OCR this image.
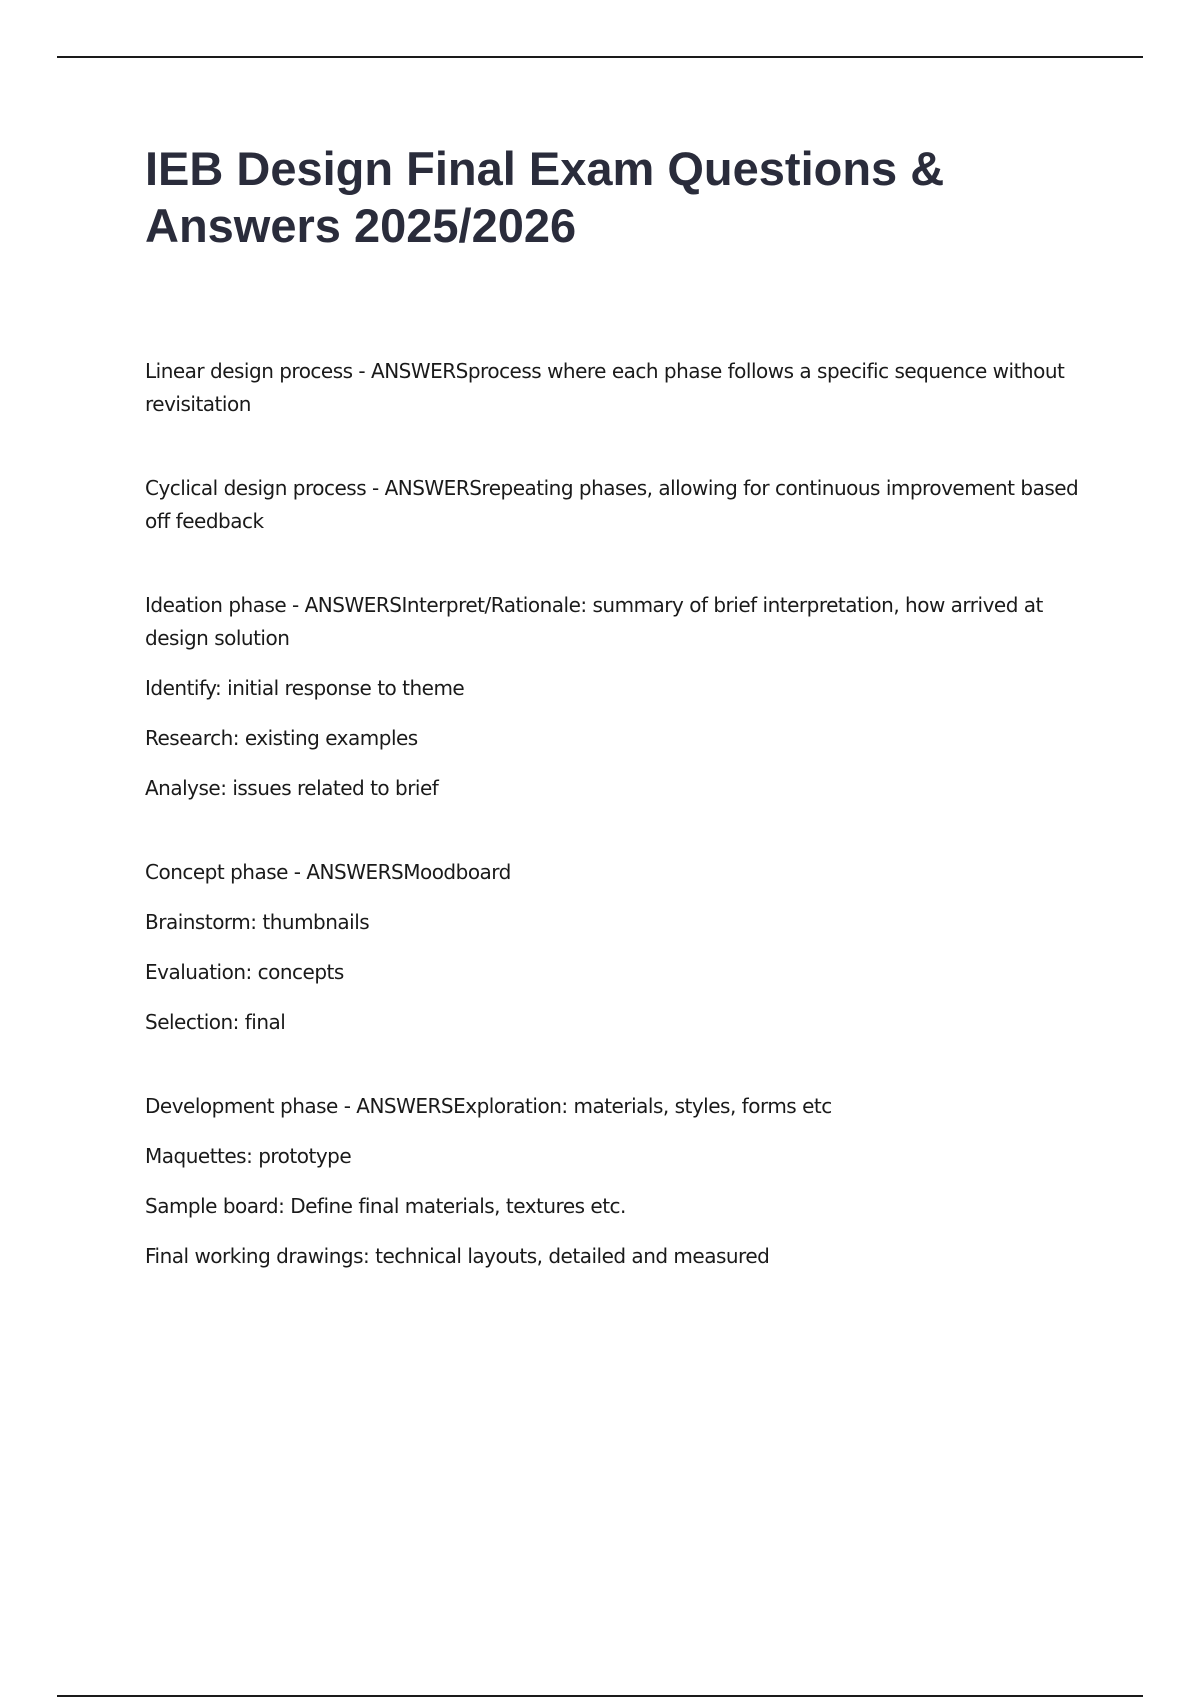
IEB Design Final Exam Questions & Answers 2025/2026

Linear design process - ANSWERSprocess where each phase follows a specific sequence without revisitation

Cyclical design process - ANSWERSrepeating phases, allowing for continuous improvement based off feedback

Ideation phase - ANSWERSInterpret/Rationale: summary of brief interpretation, how arrived at design solution

Identify: initial response to theme

Research: existing examples

Analyse: issues related to brief

Concept phase - ANSWERSMoodboard

Brainstorm: thumbnails

Evaluation: concepts

Selection: final

Development phase - ANSWERSExploration: materials, styles, forms etc

Maquettes: prototype

Sample board: Define final materials, textures etc.

Final working drawings: technical layouts, detailed and measured
